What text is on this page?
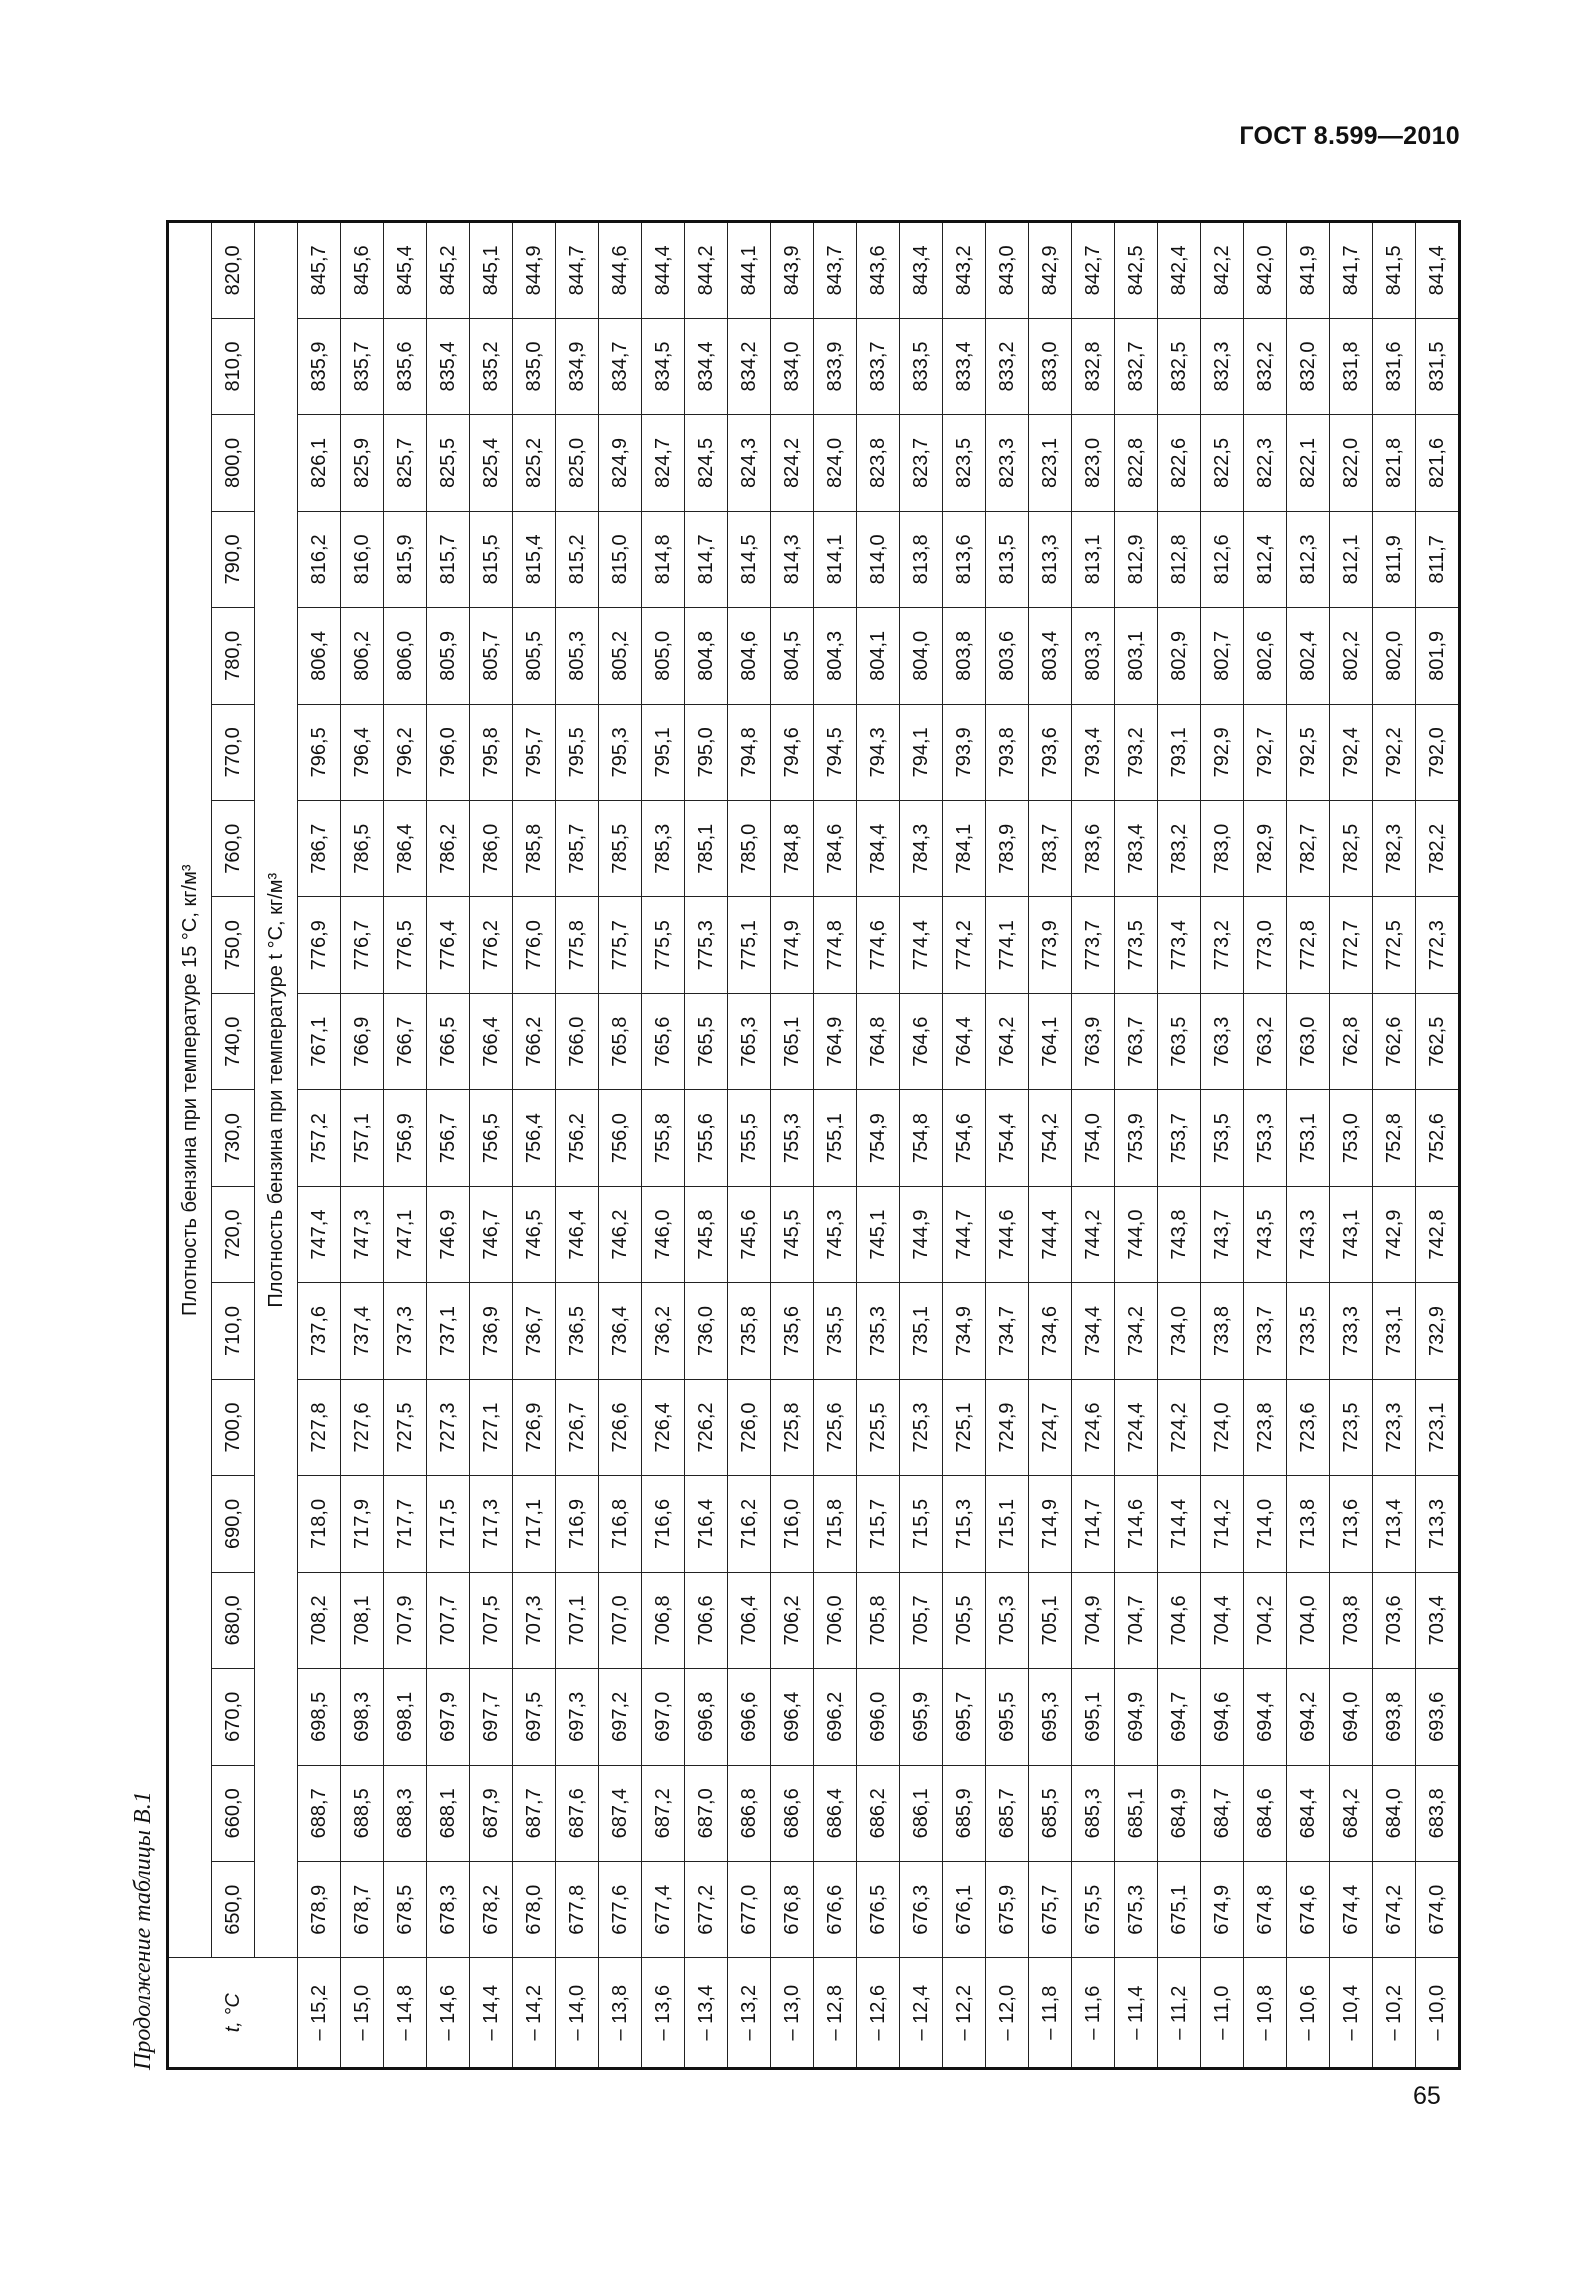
ГОСТ 8.599—2010
Продолжение таблицы В.1	t, °C	Плотность бензина при температуре 15 °C, кг/м³																	
	650,0	660,0	670,0	680,0	690,0	700,0	710,0	720,0	730,0	740,0	750,0	760,0	770,0	780,0	790,0	800,0	810,0	820,0
	Плотность бензина при температуре t °C, кг/м³																	
– 15,2	678,9	688,7	698,5	708,2	718,0	727,8	737,6	747,4	757,2	767,1	776,9	786,7	796,5	806,4	816,2	826,1	835,9	845,7
– 15,0	678,7	688,5	698,3	708,1	717,9	727,6	737,4	747,3	757,1	766,9	776,7	786,5	796,4	806,2	816,0	825,9	835,7	845,6
– 14,8	678,5	688,3	698,1	707,9	717,7	727,5	737,3	747,1	756,9	766,7	776,5	786,4	796,2	806,0	815,9	825,7	835,6	845,4
– 14,6	678,3	688,1	697,9	707,7	717,5	727,3	737,1	746,9	756,7	766,5	776,4	786,2	796,0	805,9	815,7	825,5	835,4	845,2
– 14,4	678,2	687,9	697,7	707,5	717,3	727,1	736,9	746,7	756,5	766,4	776,2	786,0	795,8	805,7	815,5	825,4	835,2	845,1
– 14,2	678,0	687,7	697,5	707,3	717,1	726,9	736,7	746,5	756,4	766,2	776,0	785,8	795,7	805,5	815,4	825,2	835,0	844,9
– 14,0	677,8	687,6	697,3	707,1	716,9	726,7	736,5	746,4	756,2	766,0	775,8	785,7	795,5	805,3	815,2	825,0	834,9	844,7
– 13,8	677,6	687,4	697,2	707,0	716,8	726,6	736,4	746,2	756,0	765,8	775,7	785,5	795,3	805,2	815,0	824,9	834,7	844,6
– 13,6	677,4	687,2	697,0	706,8	716,6	726,4	736,2	746,0	755,8	765,6	775,5	785,3	795,1	805,0	814,8	824,7	834,5	844,4
– 13,4	677,2	687,0	696,8	706,6	716,4	726,2	736,0	745,8	755,6	765,5	775,3	785,1	795,0	804,8	814,7	824,5	834,4	844,2
– 13,2	677,0	686,8	696,6	706,4	716,2	726,0	735,8	745,6	755,5	765,3	775,1	785,0	794,8	804,6	814,5	824,3	834,2	844,1
– 13,0	676,8	686,6	696,4	706,2	716,0	725,8	735,6	745,5	755,3	765,1	774,9	784,8	794,6	804,5	814,3	824,2	834,0	843,9
– 12,8	676,6	686,4	696,2	706,0	715,8	725,6	735,5	745,3	755,1	764,9	774,8	784,6	794,5	804,3	814,1	824,0	833,9	843,7
– 12,6	676,5	686,2	696,0	705,8	715,7	725,5	735,3	745,1	754,9	764,8	774,6	784,4	794,3	804,1	814,0	823,8	833,7	843,6
– 12,4	676,3	686,1	695,9	705,7	715,5	725,3	735,1	744,9	754,8	764,6	774,4	784,3	794,1	804,0	813,8	823,7	833,5	843,4
– 12,2	676,1	685,9	695,7	705,5	715,3	725,1	734,9	744,7	754,6	764,4	774,2	784,1	793,9	803,8	813,6	823,5	833,4	843,2
– 12,0	675,9	685,7	695,5	705,3	715,1	724,9	734,7	744,6	754,4	764,2	774,1	783,9	793,8	803,6	813,5	823,3	833,2	843,0
– 11,8	675,7	685,5	695,3	705,1	714,9	724,7	734,6	744,4	754,2	764,1	773,9	783,7	793,6	803,4	813,3	823,1	833,0	842,9
– 11,6	675,5	685,3	695,1	704,9	714,7	724,6	734,4	744,2	754,0	763,9	773,7	783,6	793,4	803,3	813,1	823,0	832,8	842,7
– 11,4	675,3	685,1	694,9	704,7	714,6	724,4	734,2	744,0	753,9	763,7	773,5	783,4	793,2	803,1	812,9	822,8	832,7	842,5
– 11,2	675,1	684,9	694,7	704,6	714,4	724,2	734,0	743,8	753,7	763,5	773,4	783,2	793,1	802,9	812,8	822,6	832,5	842,4
– 11,0	674,9	684,7	694,6	704,4	714,2	724,0	733,8	743,7	753,5	763,3	773,2	783,0	792,9	802,7	812,6	822,5	832,3	842,2
– 10,8	674,8	684,6	694,4	704,2	714,0	723,8	733,7	743,5	753,3	763,2	773,0	782,9	792,7	802,6	812,4	822,3	832,2	842,0
– 10,6	674,6	684,4	694,2	704,0	713,8	723,6	733,5	743,3	753,1	763,0	772,8	782,7	792,5	802,4	812,3	822,1	832,0	841,9
– 10,4	674,4	684,2	694,0	703,8	713,6	723,5	733,3	743,1	753,0	762,8	772,7	782,5	792,4	802,2	812,1	822,0	831,8	841,7
– 10,2	674,2	684,0	693,8	703,6	713,4	723,3	733,1	742,9	752,8	762,6	772,5	782,3	792,2	802,0	811,9	821,8	831,6	841,5
– 10,0	674,0	683,8	693,6	703,4	713,3	723,1	732,9	742,8	752,6	762,5	772,3	782,2	792,0	801,9	811,7	821,6	831,5	841,4
65
